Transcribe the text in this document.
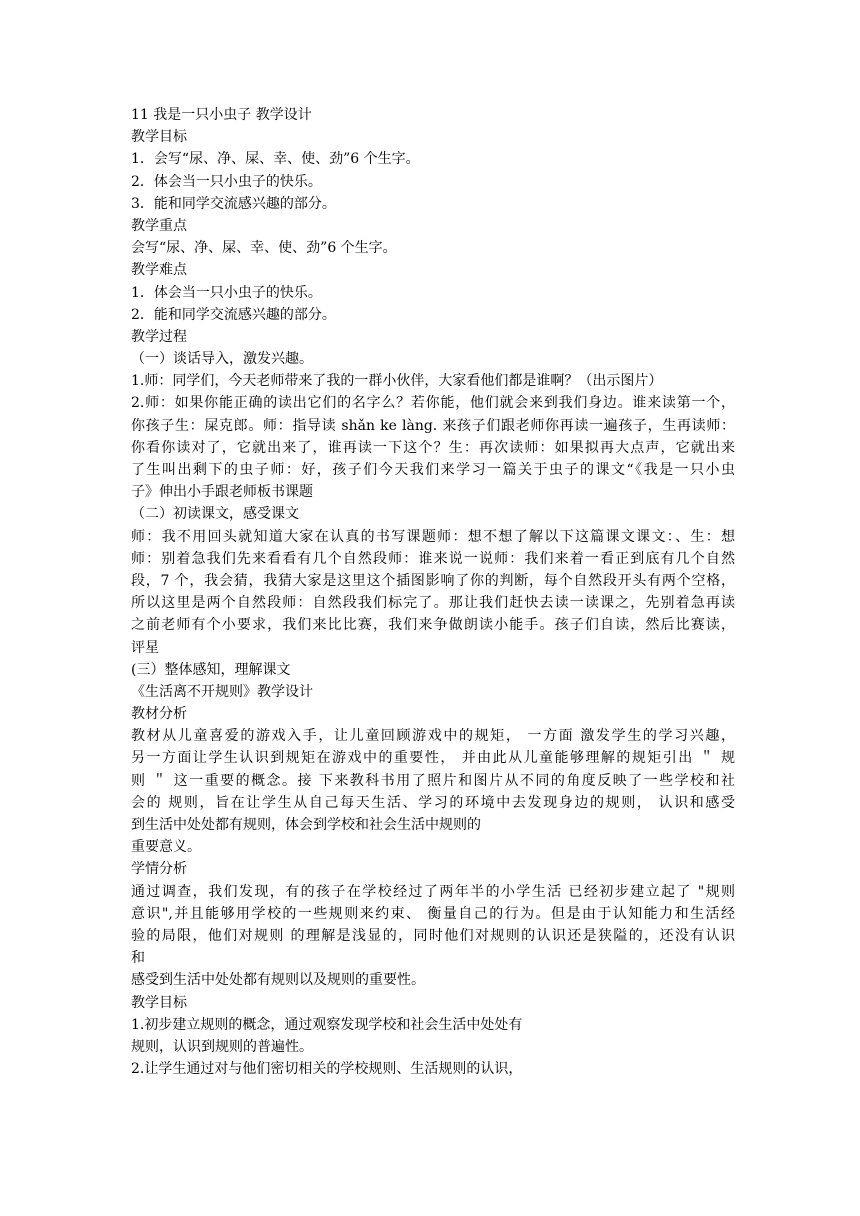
11 我是一只小虫子 教学设计
教学目标
1．会写“尿、净、屎、幸、使、劲”6 个生字。
2．体会当一只小虫子的快乐。
3．能和同学交流感兴趣的部分。
教学重点
会写“尿、净、屎、幸、使、劲”6 个生字。
教学难点
1．体会当一只小虫子的快乐。
2．能和同学交流感兴趣的部分。
教学过程
（一）谈话导入，激发兴趣。
1.师：同学们，今天老师带来了我的一群小伙伴，大家看他们都是谁啊？（出示图片）
2.师：如果你能正确的读出它们的名字么？若你能，他们就会来到我们身边。谁来读第一个，
你孩子生：屎克郎。师：指导读 shǎn ke làng. 来孩子们跟老师你再读一遍孩子，生再读师：
你看你读对了，它就出来了，谁再读一下这个？生：再次读师：如果拟再大点声，它就出来
了生叫出剩下的虫子师：好，孩子们今天我们来学习一篇关于虫子的课文“《我是一只小虫
子》伸出小手跟老师板书课题
（二）初读课文，感受课文
师：我不用回头就知道大家在认真的书写课题师：想不想了解以下这篇课文课文：、生：想
师：别着急我们先来看看有几个自然段师：谁来说一说师：我们来着一看正到底有几个自然
段，7 个，我会猜，我猜大家是这里这个插图影响了你的判断，每个自然段开头有两个空格，
所以这里是两个自然段师：自然段我们标完了。那让我们赶快去读一读课之，先别着急再读
之前老师有个小要求，我们来比比赛，我们来争做朗读小能手。孩子们自读，然后比赛读，
评星
(三）整体感知，理解课文
《生活离不开规则》教学设计
教材分析
教材从儿童喜爱的游戏入手，让儿童回顾游戏中的规矩， 一方面 激发学生的学习兴趣，
另一方面让学生认识到规矩在游戏中的重要性， 并由此从儿童能够理解的规矩引出 ＂ 规
则 ＂ 这一重要的概念。接 下来教科书用了照片和图片从不同的角度反映了一些学校和社
会的 规则，旨在让学生从自己每天生活、学习的环境中去发现身边的规则， 认识和感受
到生活中处处都有规则，体会到学校和社会生活中规则的
重要意义。
学情分析
通过调查，我们发现，有的孩子在学校经过了两年半的小学生活 已经初步建立起了 "规则
意识",并且能够用学校的一些规则来约束、 衡量自己的行为。但是由于认知能力和生活经
验的局限，他们对规则 的理解是浅显的，同时他们对规则的认识还是狭隘的，还没有认识
和
感受到生活中处处都有规则以及规则的重要性。
教学目标
1.初步建立规则的概念，通过观察发现学校和社会生活中处处有
规则，认识到规则的普遍性。
2.让学生通过对与他们密切相关的学校规则、生活规则的认识，
